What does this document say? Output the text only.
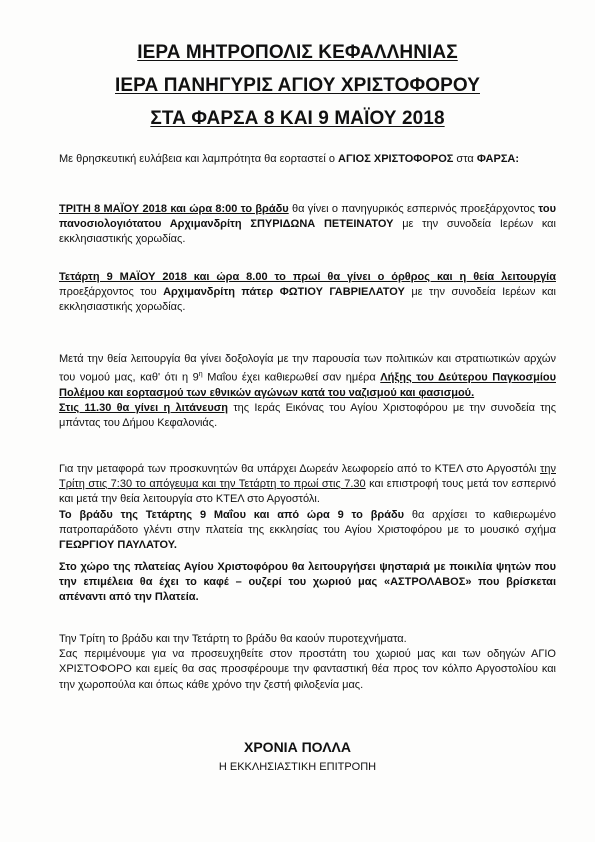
ΙΕΡΑ ΜΗΤΡΟΠΟΛΙΣ ΚΕΦΑΛΛΗΝΙΑΣ
ΙΕΡΑ ΠΑΝΗΓΥΡΙΣ ΑΓΙΟΥ ΧΡΙΣΤΟΦΟΡΟΥ
ΣΤΑ ΦΑΡΣΑ 8 ΚΑΙ 9 ΜΑΪΟΥ 2018
Με θρησκευτική ευλάβεια και λαμπρότητα θα εορταστεί ο ΑΓΙΟΣ ΧΡΙΣΤΟΦΟΡΟΣ στα ΦΑΡΣΑ:
ΤΡΙΤΗ 8 ΜΑΪΟΥ 2018 και ώρα 8:00 το βράδυ θα γίνει ο πανηγυρικός εσπερινός προεξάρχοντος του πανοσιολογιότατου Αρχιμανδρίτη ΣΠΥΡΙΔΩΝΑ ΠΕΤΕΙΝΑΤΟΥ με την συνοδεία Ιερέων και εκκλησιαστικής χορωδίας.
Τετάρτη 9 ΜΑΪΟΥ 2018 και ώρα 8.00 το πρωί θα γίνει ο όρθρος και η θεία λειτουργία προεξάρχοντος του Αρχιμανδρίτη πάτερ ΦΩΤΙΟΥ ΓΑΒΡΙΕΛΑΤΟΥ με την συνοδεία Ιερέων και εκκλησιαστικής χορωδίας.
Μετά την θεία λειτουργία θα γίνει δοξολογία με την παρουσία των πολιτικών και στρατιωτικών αρχών του νομού μας, καθ' ότι η $9^\eta$ Μαΐου έχει καθιερωθεί σαν ημέρα Λήξης του Δεύτερου Παγκοσμίου Πολέμου και εορτασμού των εθνικών αγώνων κατά του ναζισμού και φασισμού.
Στις 11.30 θα γίνει η λιτάνευση της Ιεράς Εικόνας του Αγίου Χριστοφόρου με την συνοδεία της μπάντας του Δήμου Κεφαλονιάς.
Για την μεταφορά των προσκυνητών θα υπάρχει Δωρεάν λεωφορείο από το ΚΤΕΛ στο Αργοστόλι την Τρίτη στις 7:30 το απόγευμα και την Τετάρτη το πρωί στις 7.30 και επιστροφή τους μετά τον εσπερινό και μετά την θεία λειτουργία στο ΚΤΕΛ στο Αργοστόλι.
Το βράδυ της Τετάρτης 9 Μαΐου και από ώρα 9 το βράδυ θα αρχίσει το καθιερωμένο πατροπαράδοτο γλέντι στην πλατεία της εκκλησίας του Αγίου Χριστοφόρου με το μουσικό σχήμα ΓΕΩΡΓΙΟΥ ΠΑΥΛΑΤΟΥ.
Στο χώρο της πλατείας Αγίου Χριστοφόρου θα λειτουργήσει ψησταριά με ποικιλία ψητών που την επιμέλεια θα έχει το καφέ – ουζερί του χωριού μας «ΑΣΤΡΟΛΑΒΟΣ» που βρίσκεται απέναντι από την Πλατεία.
Την Τρίτη το βράδυ και την Τετάρτη το βράδυ θα καούν πυροτεχνήματα.
Σας περιμένουμε για να προσευχηθείτε στον προστάτη του χωριού μας και των οδηγών ΑΓΙΟ ΧΡΙΣΤΟΦΟΡΟ και εμείς θα σας προσφέρουμε την φανταστική θέα προς τον κόλπο Αργοστολίου και την χωροπούλα και όπως κάθε χρόνο την ζεστή φιλοξενία μας.
ΧΡΟΝΙΑ ΠΟΛΛΑ
Η ΕΚΚΛΗΣΙΑΣΤΙΚΗ ΕΠΙΤΡΟΠΗ
